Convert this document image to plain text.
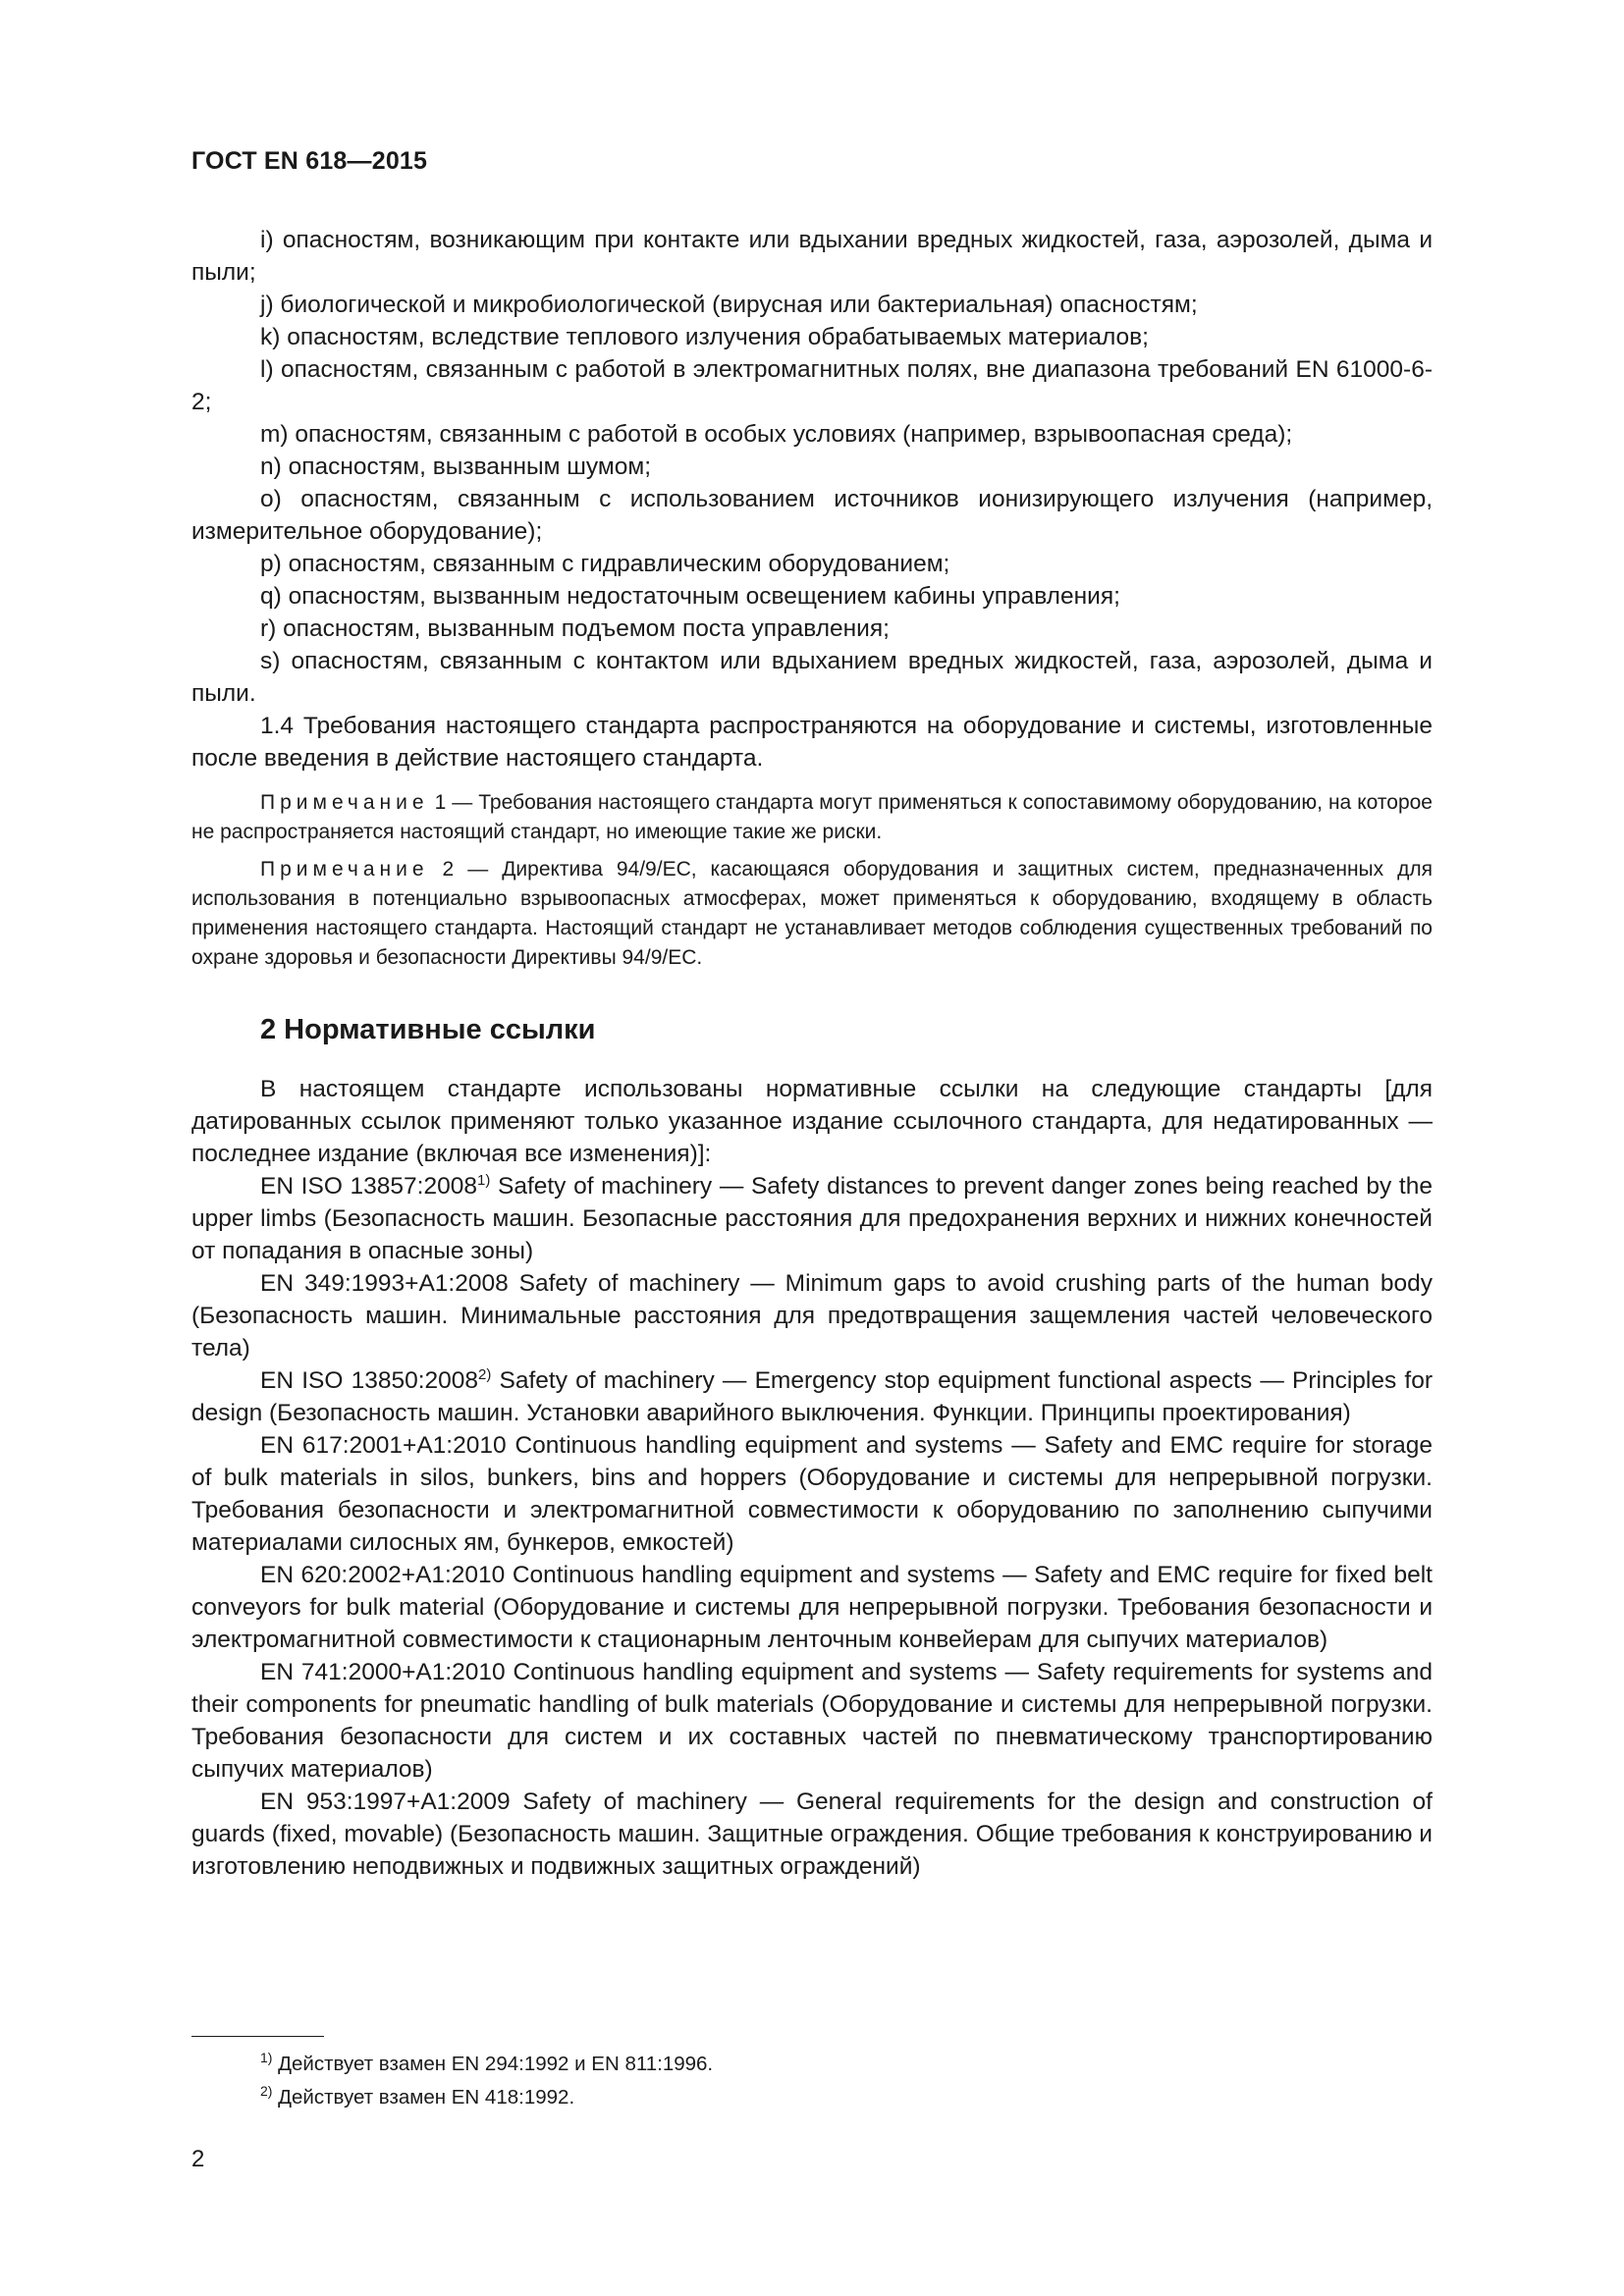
ГОСТ EN 618—2015

i) опасностям, возникающим при контакте или вдыхании вредных жидкостей, газа, аэрозолей, дыма и пыли;

j) биологической и микробиологической (вирусная или бактериальная) опасностям;

k) опасностям, вследствие теплового излучения обрабатываемых материалов;

l) опасностям, связанным с работой в электромагнитных полях, вне диапазона требований EN 61000-6-2;

m) опасностям, связанным с работой в особых условиях (например, взрывоопасная среда);

n) опасностям, вызванным шумом;

o) опасностям, связанным с использованием источников ионизирующего излучения (например, измерительное оборудование);

p) опасностям, связанным с гидравлическим оборудованием;

q) опасностям, вызванным недостаточным освещением кабины управления;

r) опасностям, вызванным подъемом поста управления;

s) опасностям, связанным с контактом или вдыханием вредных жидкостей, газа, аэрозолей, дыма и пыли.

1.4 Требования настоящего стандарта распространяются на оборудование и системы, изготовленные после введения в действие настоящего стандарта.

Примечание 1 — Требования настоящего стандарта могут применяться к сопоставимому оборудованию, на которое не распространяется настоящий стандарт, но имеющие такие же риски.

Примечание 2 — Директива 94/9/ЕС, касающаяся оборудования и защитных систем, предназначенных для использования в потенциально взрывоопасных атмосферах, может применяться к оборудованию, входящему в область применения настоящего стандарта. Настоящий стандарт не устанавливает методов соблюдения существенных требований по охране здоровья и безопасности Директивы 94/9/ЕС.

2 Нормативные ссылки

В настоящем стандарте использованы нормативные ссылки на следующие стандарты [для датированных ссылок применяют только указанное издание ссылочного стандарта, для недатированных — последнее издание (включая все изменения)]:

EN ISO 13857:2008$^{1)}$ Safety of machinery — Safety distances to prevent danger zones being reached by the upper limbs (Безопасность машин. Безопасные расстояния для предохранения верхних и нижних конечностей от попадания в опасные зоны)

EN 349:1993+A1:2008 Safety of machinery — Minimum gaps to avoid crushing parts of the human body (Безопасность машин. Минимальные расстояния для предотвращения защемления частей человеческого тела)

EN ISO 13850:2008$^{2)}$ Safety of machinery — Emergency stop equipment functional aspects — Principles for design (Безопасность машин. Установки аварийного выключения. Функции. Принципы проектирования)

EN 617:2001+A1:2010 Continuous handling equipment and systems — Safety and EMC require for storage of bulk materials in silos, bunkers, bins and hoppers (Оборудование и системы для непрерывной погрузки. Требования безопасности и электромагнитной совместимости к оборудованию по заполнению сыпучими материалами силосных ям, бункеров, емкостей)

EN 620:2002+A1:2010 Continuous handling equipment and systems — Safety and EMC require for fixed belt conveyors for bulk material (Оборудование и системы для непрерывной погрузки. Требования безопасности и электромагнитной совместимости к стационарным ленточным конвейерам для сыпучих материалов)

EN 741:2000+A1:2010 Continuous handling equipment and systems — Safety requirements for systems and their components for pneumatic handling of bulk materials (Оборудование и системы для непрерывной погрузки. Требования безопасности для систем и их составных частей по пневматическому транспортированию сыпучих материалов)

EN 953:1997+A1:2009 Safety of machinery — General requirements for the design and construction of guards (fixed, movable) (Безопасность машин. Защитные ограждения. Общие требования к конструированию и изготовлению неподвижных и подвижных защитных ограждений)

$^{1)}$ Действует взамен EN 294:1992 и EN 811:1996.

$^{2)}$ Действует взамен EN 418:1992.

2
